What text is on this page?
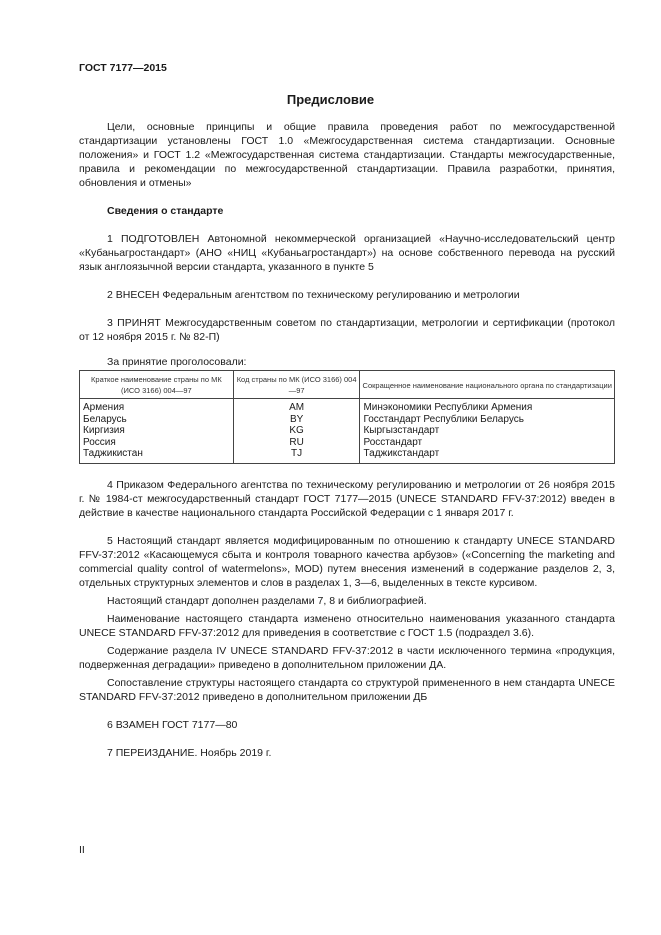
ГОСТ 7177—2015
Предисловие

Цели, основные принципы и общие правила проведения работ по межгосударственной стандартизации установлены ГОСТ 1.0 «Межгосударственная система стандартизации. Основные положения» и ГОСТ 1.2 «Межгосударственная система стандартизации. Стандарты межгосударственные, правила и рекомендации по межгосударственной стандартизации. Правила разработки, принятия, обновления и отмены»

Сведения о стандарте

1 ПОДГОТОВЛЕН Автономной некоммерческой организацией «Научно-исследовательский центр «Кубаньагростандарт» (АНО «НИЦ «Кубаньагростандарт») на основе собственного перевода на русский язык англоязычной версии стандарта, указанного в пункте 5

2 ВНЕСЕН Федеральным агентством по техническому регулированию и метрологии

3 ПРИНЯТ Межгосударственным советом по стандартизации, метрологии и сертификации (протокол от 12 ноября 2015 г. № 82-П)

За принятие проголосовали:

Краткое наименование страны по МК (ИСО 3166) 004—97	Код страны по МК (ИСО 3166) 004—97	Сокращенное наименование национального органа по стандартизации
Армения	AM	Минэкономики Республики Армения
Беларусь	BY	Госстандарт Республики Беларусь
Киргизия	KG	Кыргызстандарт
Россия	RU	Росстандарт
Таджикистан	TJ	Таджикстандарт

4 Приказом Федерального агентства по техническому регулированию и метрологии от 26 ноября 2015 г. № 1984-ст межгосударственный стандарт ГОСТ 7177—2015 (UNECE STANDARD FFV-37:2012) введен в действие в качестве национального стандарта Российской Федерации с 1 января 2017 г.

5 Настоящий стандарт является модифицированным по отношению к стандарту UNECE STANDARD FFV-37:2012 «Касающемуся сбыта и контроля товарного качества арбузов» («Concerning the marketing and commercial quality control of watermelons», MOD) путем внесения изменений в содержание разделов 2, 3, отдельных структурных элементов и слов в разделах 1, 3—6, выделенных в тексте курсивом.

Настоящий стандарт дополнен разделами 7, 8 и библиографией.

Наименование настоящего стандарта изменено относительно наименования указанного стандарта UNECE STANDARD FFV-37:2012 для приведения в соответствие с ГОСТ 1.5 (подраздел 3.6).

Содержание раздела IV UNECE STANDARD FFV-37:2012 в части исключенного термина «продукция, подверженная деградации» приведено в дополнительном приложении ДА.

Сопоставление структуры настоящего стандарта со структурой примененного в нем стандарта UNECE STANDARD FFV-37:2012 приведено в дополнительном приложении ДБ

6 ВЗАМЕН ГОСТ 7177—80

7 ПЕРЕИЗДАНИЕ. Ноябрь 2019 г.

II
